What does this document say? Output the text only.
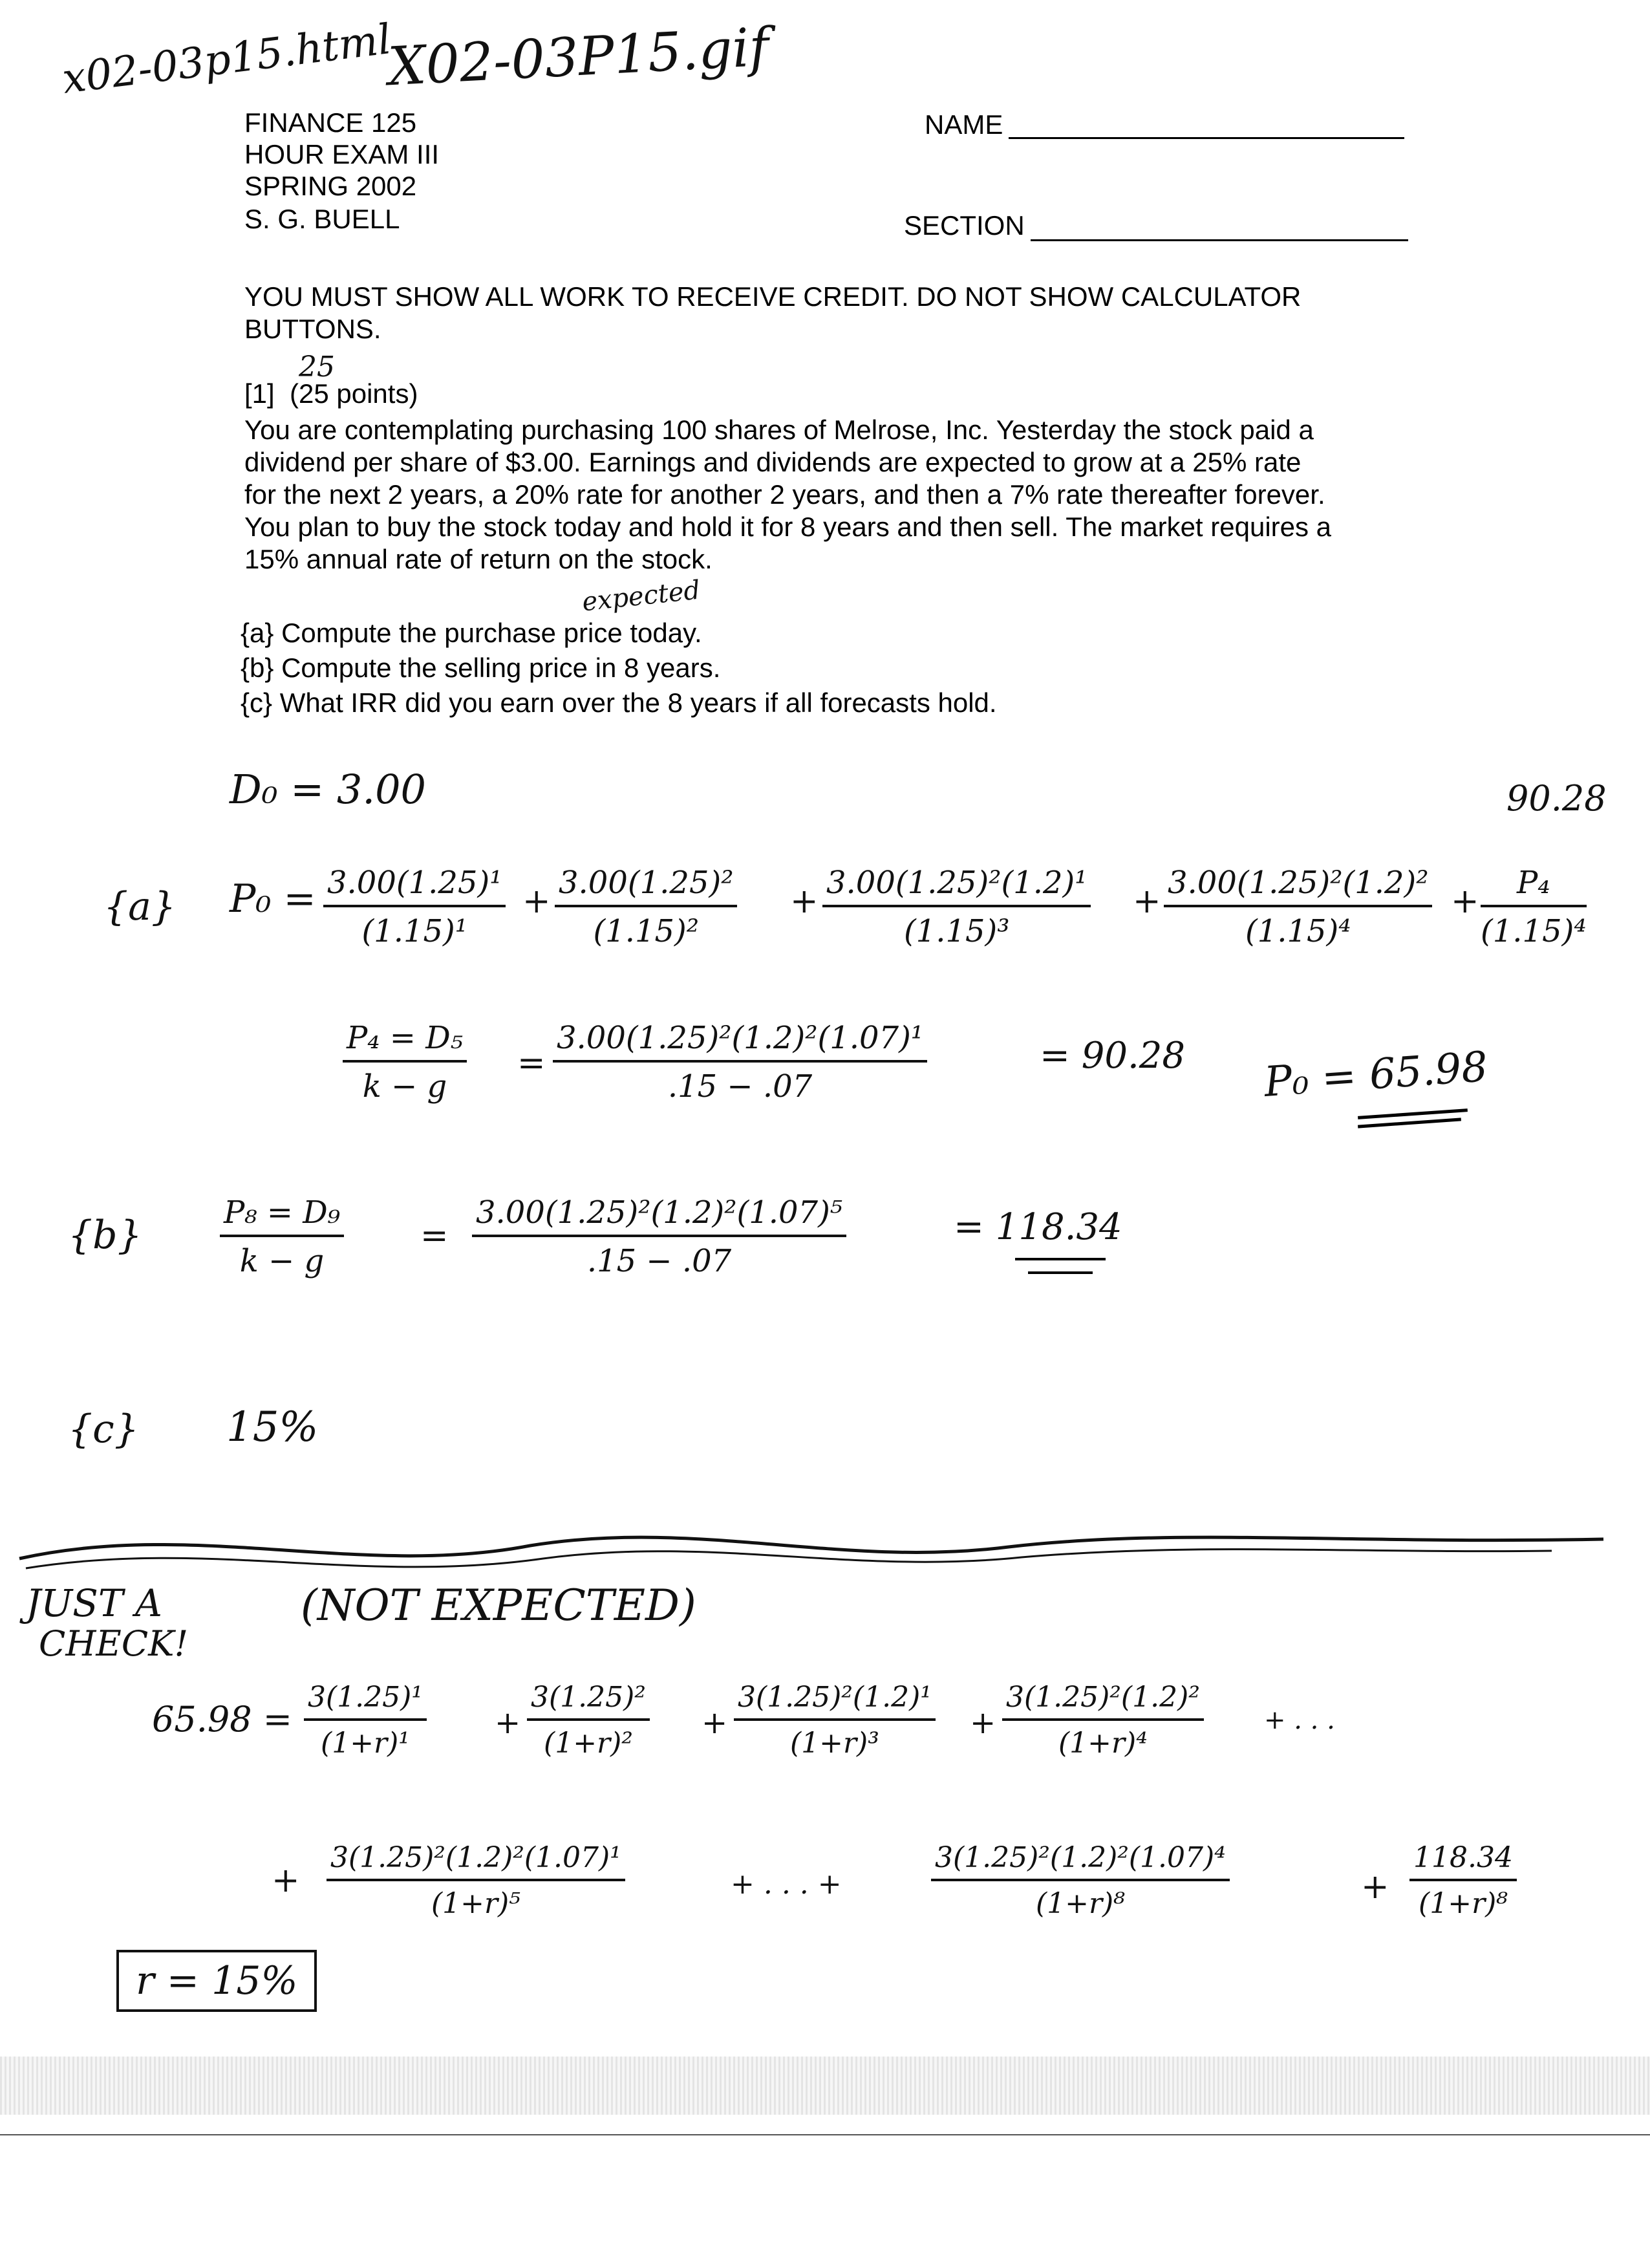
x02-03p15.html
X02-03P15.gif
FINANCE 125
HOUR EXAM III
SPRING 2002
S. G. BUELL
NAME
SECTION
YOU MUST SHOW ALL WORK TO RECEIVE CREDIT. DO NOT SHOW CALCULATOR BUTTONS.
[1] (25 points)
25
You are contemplating purchasing 100 shares of Melrose, Inc. Yesterday the stock paid a
dividend per share of $3.00. Earnings and dividends are expected to grow at a 25% rate
for the next 2 years, a 20% rate for another 2 years, and then a 7% rate thereafter forever.
You plan to buy the stock today and hold it for 8 years and then sell. The market requires a
15% annual rate of return on the stock.
expected
{a} Compute the purchase price today.
{b} Compute the selling price in 8 years.
{c} What IRR did you earn over the 8 years if all forecasts hold.
D₀ = 3.00	90.28
{a} $P_0 = \frac{\text{3.00(1.25)¹}}{\text{(1.15)¹}} + \frac{\text{3.00(1.25)²}}{\text{(1.15)²}} + \frac{\text{3.00(1.25)²(1.2)¹}}{\text{(1.15)³}} + \frac{\text{3.00(1.25)²(1.2)²}}{\text{(1.15)⁴}} + \frac{\text{P₄}}{\text{(1.15)⁴}}$
$\frac{\text{P₄ = D₅}}{k - g} = \frac{\text{3.00(1.25)²(1.2)²(1.07)¹}}{.15 - .07}$	= 90.28 P₀ = 65.98
{b}	$\frac{\text{P₈ = D₉}}{k - g} = \frac{\text{3.00(1.25)²(1.2)²(1.07)⁵}}{.15 - .07}$	= 118.34
{c} 15%
JUST A
CHECK!
(NOT EXPECTED)
$65.98 = \frac{\text{3(1.25)¹}}{\text{(1+r)¹}} + \frac{\text{3(1.25)²}}{\text{(1+r)²}} + \frac{\text{3(1.25)²(1.2)¹}}{\text{(1+r)³}} + \frac{\text{3(1.25)²(1.2)²}}{\text{(1+r)⁴}}$ + . . .
+ $\frac{\text{3(1.25)²(1.2)²(1.07)¹}}{\text{(1+r)⁵}}$	+ . . . +	$\frac{\text{3(1.25)²(1.2)²(1.07)⁴}}{\text{(1+r)⁸}}$	+ $\frac{118.34}{\text{(1+r)⁸}}$
r = 15%
